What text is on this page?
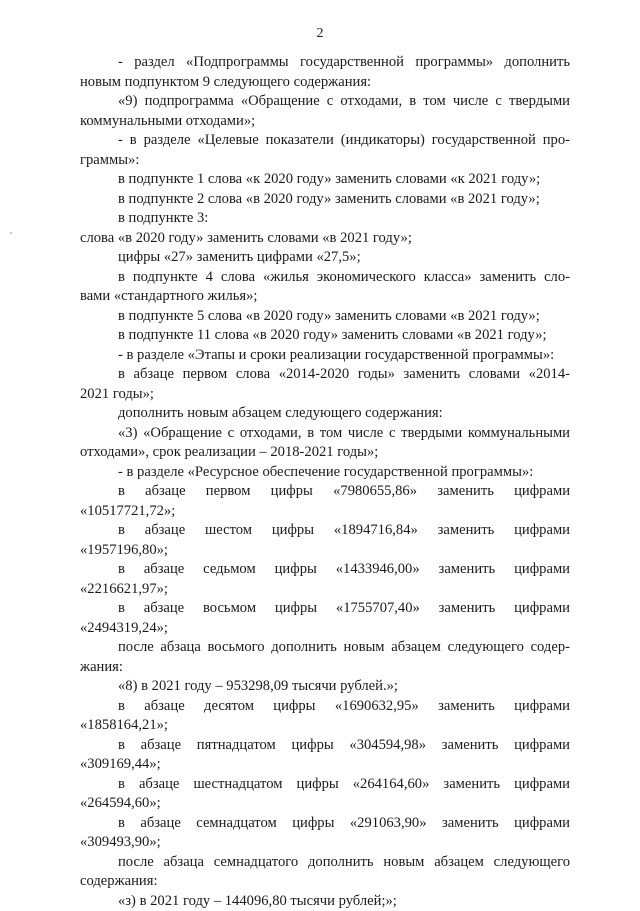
2

- раздел «Подпрограммы государственной программы» дополнить
новым подпунктом 9 следующего содержания:

«9) подпрограмма «Обращение с отходами, в том числе с твердыми
коммунальными отходами»;

- в разделе «Целевые показатели (индикаторы) государственной про-
граммы»:

в подпункте 1 слова «к 2020 году» заменить словами «к 2021 году»;

в подпункте 2 слова «в 2020 году» заменить словами «в 2021 году»;

в подпункте 3:

слова «в 2020 году» заменить словами «в 2021 году»;

цифры «27» заменить цифрами «27,5»;

в подпункте 4 слова «жилья экономического класса» заменить сло-
вами «стандартного жилья»;

в подпункте 5 слова «в 2020 году» заменить словами «в 2021 году»;

в подпункте 11 слова «в 2020 году» заменить словами «в 2021 году»;

- в разделе «Этапы и сроки реализации государственной программы»:

в абзаце первом слова «2014-2020 годы» заменить словами «2014-
2021 годы»;

дополнить новым абзацем следующего содержания:

«3) «Обращение с отходами, в том числе с твердыми коммунальными
отходами», срок реализации – 2018-2021 годы»;

- в разделе «Ресурсное обеспечение государственной программы»:

в абзаце первом цифры «7980655,86» заменить цифрами
«10517721,72»;

в абзаце шестом цифры «1894716,84» заменить цифрами
«1957196,80»;

в абзаце седьмом цифры «1433946,00» заменить цифрами
«2216621,97»;

в абзаце восьмом цифры «1755707,40» заменить цифрами
«2494319,24»;

после абзаца восьмого дополнить новым абзацем следующего содер-
жания:

«8) в 2021 году – 953298,09 тысячи рублей.»;

в абзаце десятом цифры «1690632,95» заменить цифрами
«1858164,21»;

в абзаце пятнадцатом цифры «304594,98» заменить цифрами
«309169,44»;

в абзаце шестнадцатом цифры «264164,60» заменить цифрами
«264594,60»;

в абзаце семнадцатом цифры «291063,90» заменить цифрами
«309493,90»;

после абзаца семнадцатого дополнить новым абзацем следующего
содержания:

«з) в 2021 году – 144096,80 тысячи рублей;»;
